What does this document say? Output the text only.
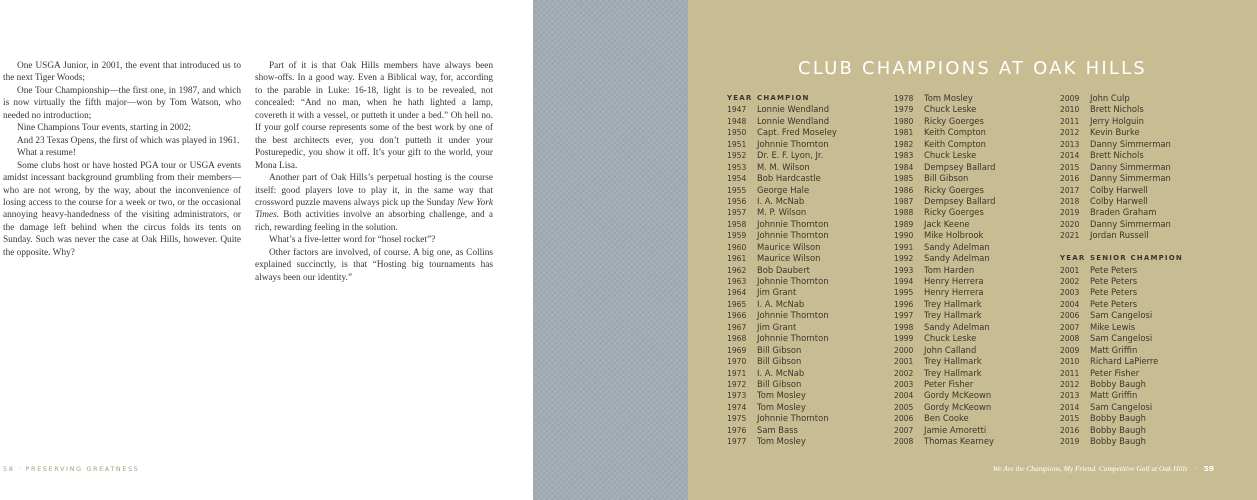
One USGA Junior, in 2001, the event that introduced us to the next Tiger Woods;

One Tour Championship—the first one, in 1987, and which is now virtually the fifth major—won by Tom Watson, who needed no introduction;

Nine Champions Tour events, starting in 2002;

And 23 Texas Opens, the first of which was played in 1961.

What a resume!

Some clubs host or have hosted PGA tour or USGA events amidst incessant background grumbling from their members—who are not wrong, by the way, about the inconvenience of losing access to the course for a week or two, or the occasional annoying heavy-handedness of the visiting administrators, or the damage left behind when the circus folds its tents on Sunday. Such was never the case at Oak Hills, however. Quite the opposite. Why?

Part of it is that Oak Hills members have always been show-offs. In a good way. Even a Biblical way, for, according to the parable in Luke: 16-18, light is to be revealed, not concealed: “And no man, when he hath lighted a lamp, covereth it with a vessel, or putteth it under a bed.” Oh hell no. If your golf course represents some of the best work by one of the best architects ever, you don’t putteth it under your Posturepedic, you show it off. It’s your gift to the world, your Mona Lisa.

Another part of Oak Hills’s perpetual hosting is the course itself: good players love to play it, in the same way that crossword puzzle mavens always pick up the Sunday New York Times. Both activities involve an absorbing challenge, and a rich, rewarding feeling in the solution.

What’s a five-letter word for “hosel rocket”?

Other factors are involved, of course. A big one, as Collins explained succinctly, is that “Hosting big tournaments has always been our identity.”

58 · PRESERVING GREATNESS
CLUB CHAMPIONS AT OAK HILLS
YEAR CHAMPION
1947	Lonnie Wendland
1948	Lonnie Wendland
1950	Capt. Fred Moseley
1951	Johnnie Thornton
1952	Dr. E. F. Lyon, Jr.
1953	M. M. Wilson
1954	Bob Hardcastle
1955	George Hale
1956	I. A. McNab
1957	M. P. Wilson
1958	Johnnie Thornton
1959	Johnnie Thornton
1960	Maurice Wilson
1961	Maurice Wilson
1962	Bob Daubert
1963	Johnnie Thornton
1964	Jim Grant
1965	I. A. McNab
1966	Johnnie Thornton
1967	Jim Grant
1968	Johnnie Thornton
1969	Bill Gibson
1970	Bill Gibson
1971	I. A. McNab
1972	Bill Gibson
1973	Tom Mosley
1974	Tom Mosley
1975	Johnnie Thornton
1976	Sam Bass
1977	Tom Mosley
1978	Tom Mosley
1979	Chuck Leske
1980	Ricky Goerges
1981	Keith Compton
1982	Keith Compton
1983	Chuck Leske
1984	Dempsey Ballard
1985	Bill Gibson
1986	Ricky Goerges
1987	Dempsey Ballard
1988	Ricky Goerges
1989	Jack Keene
1990	Mike Holbrook
1991	Sandy Adelman
1992	Sandy Adelman
1993	Tom Harden
1994	Henry Herrera
1995	Henry Herrera
1996	Trey Hallmark
1997	Trey Hallmark
1998	Sandy Adelman
1999	Chuck Leske
2000	John Calland
2001	Trey Hallmark
2002	Trey Hallmark
2003	Peter Fisher
2004	Gordy McKeown
2005	Gordy McKeown
2006	Ben Cooke
2007	Jamie Amoretti
2008	Thomas Kearney
2009	John Culp
2010	Brett Nichols
2011	Jerry Holguin
2012	Kevin Burke
2013	Danny Simmerman
2014	Brett Nichols
2015	Danny Simmerman
2016	Danny Simmerman
2017	Colby Harwell
2018	Colby Harwell
2019	Braden Graham
2020	Danny Simmerman
2021	Jordan Russell
YEAR SENIOR CHAMPION
2001	Pete Peters
2002	Pete Peters
2003	Pete Peters
2004	Pete Peters
2006	Sam Cangelosi
2007	Mike Lewis
2008	Sam Cangelosi
2009	Matt Griffin
2010	Richard LaPierre
2011	Peter Fisher
2012	Bobby Baugh
2013	Matt Griffin
2014	Sam Cangelosi
2015	Bobby Baugh
2016	Bobby Baugh
2019	Bobby Baugh
We Are the Champions, My Friend. Competitive Golf at Oak Hills · 59
